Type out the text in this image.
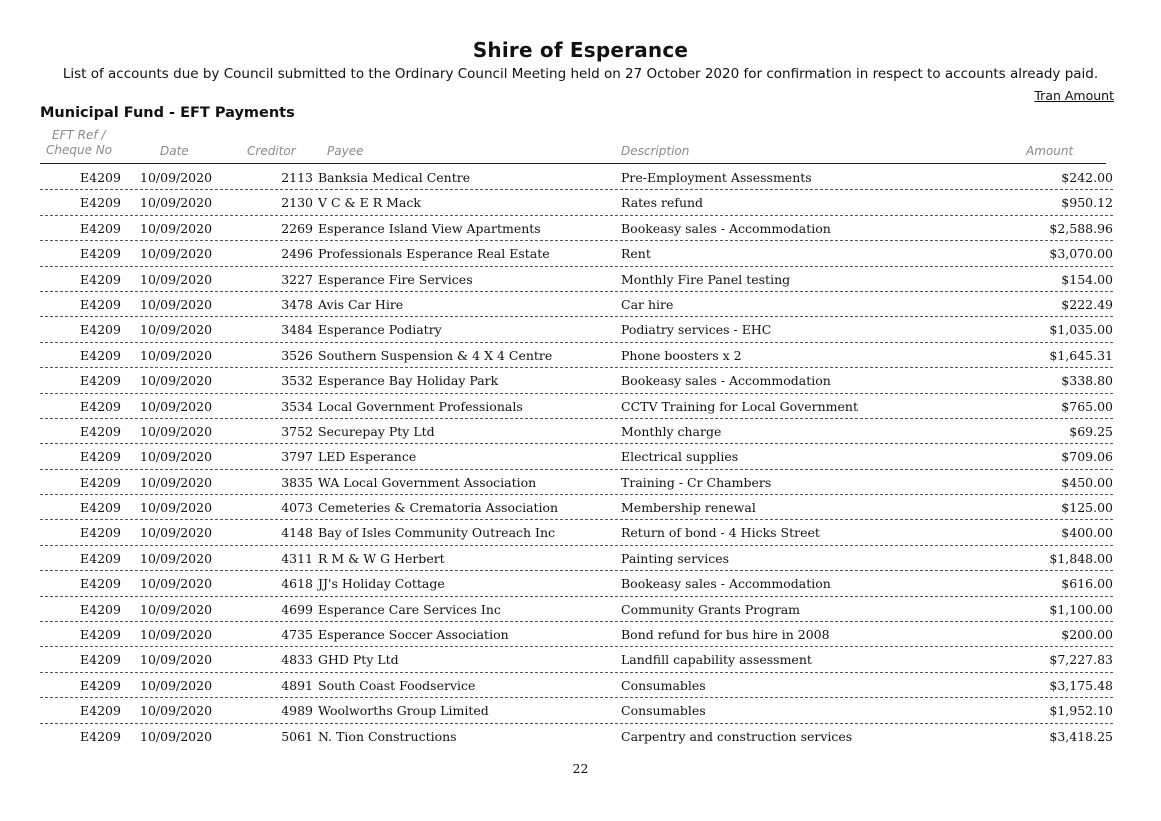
Shire of Esperance
List of accounts due by Council submitted to the Ordinary Council Meeting held on 27 October 2020 for confirmation in respect to accounts already paid.
Tran Amount
Municipal Fund - EFT Payments
EFT Ref /
Cheque No	Date	Creditor	Payee	Description	Amount
E4209 10/09/2020	2113 Banksia Medical Centre	Pre-Employment Assessments	$242.00
E4209 10/09/2020	2130 V C & E R Mack	Rates refund	$950.12
E4209 10/09/2020	2269 Esperance Island View Apartments	Bookeasy sales - Accommodation	$2,588.96
E4209 10/09/2020	2496 Professionals Esperance Real Estate	Rent	$3,070.00
E4209 10/09/2020	3227 Esperance Fire Services	Monthly Fire Panel testing	$154.00
E4209 10/09/2020	3478 Avis Car Hire	Car hire	$222.49
E4209 10/09/2020	3484 Esperance Podiatry	Podiatry services - EHC	$1,035.00
E4209 10/09/2020	3526 Southern Suspension & 4 X 4 Centre	Phone boosters x 2	$1,645.31
E4209 10/09/2020	3532 Esperance Bay Holiday Park	Bookeasy sales - Accommodation	$338.80
E4209 10/09/2020	3534 Local Government Professionals	CCTV Training for Local Government	$765.00
E4209 10/09/2020	3752 Securepay Pty Ltd	Monthly charge	$69.25
E4209 10/09/2020	3797 LED Esperance	Electrical supplies	$709.06
E4209 10/09/2020	3835 WA Local Government Association	Training - Cr Chambers	$450.00
E4209 10/09/2020	4073 Cemeteries & Crematoria Association	Membership renewal	$125.00
E4209 10/09/2020	4148 Bay of Isles Community Outreach Inc	Return of bond - 4 Hicks Street	$400.00
E4209 10/09/2020	4311 R M & W G Herbert	Painting services	$1,848.00
E4209 10/09/2020	4618 JJ's Holiday Cottage	Bookeasy sales - Accommodation	$616.00
E4209 10/09/2020	4699 Esperance Care Services Inc	Community Grants Program	$1,100.00
E4209 10/09/2020	4735 Esperance Soccer Association	Bond refund for bus hire in 2008	$200.00
E4209 10/09/2020	4833 GHD Pty Ltd	Landfill capability assessment	$7,227.83
E4209 10/09/2020	4891 South Coast Foodservice	Consumables	$3,175.48
E4209 10/09/2020	4989 Woolworths Group Limited	Consumables	$1,952.10
E4209 10/09/2020	5061 N. Tion Constructions	Carpentry and construction services	$3,418.25
22
